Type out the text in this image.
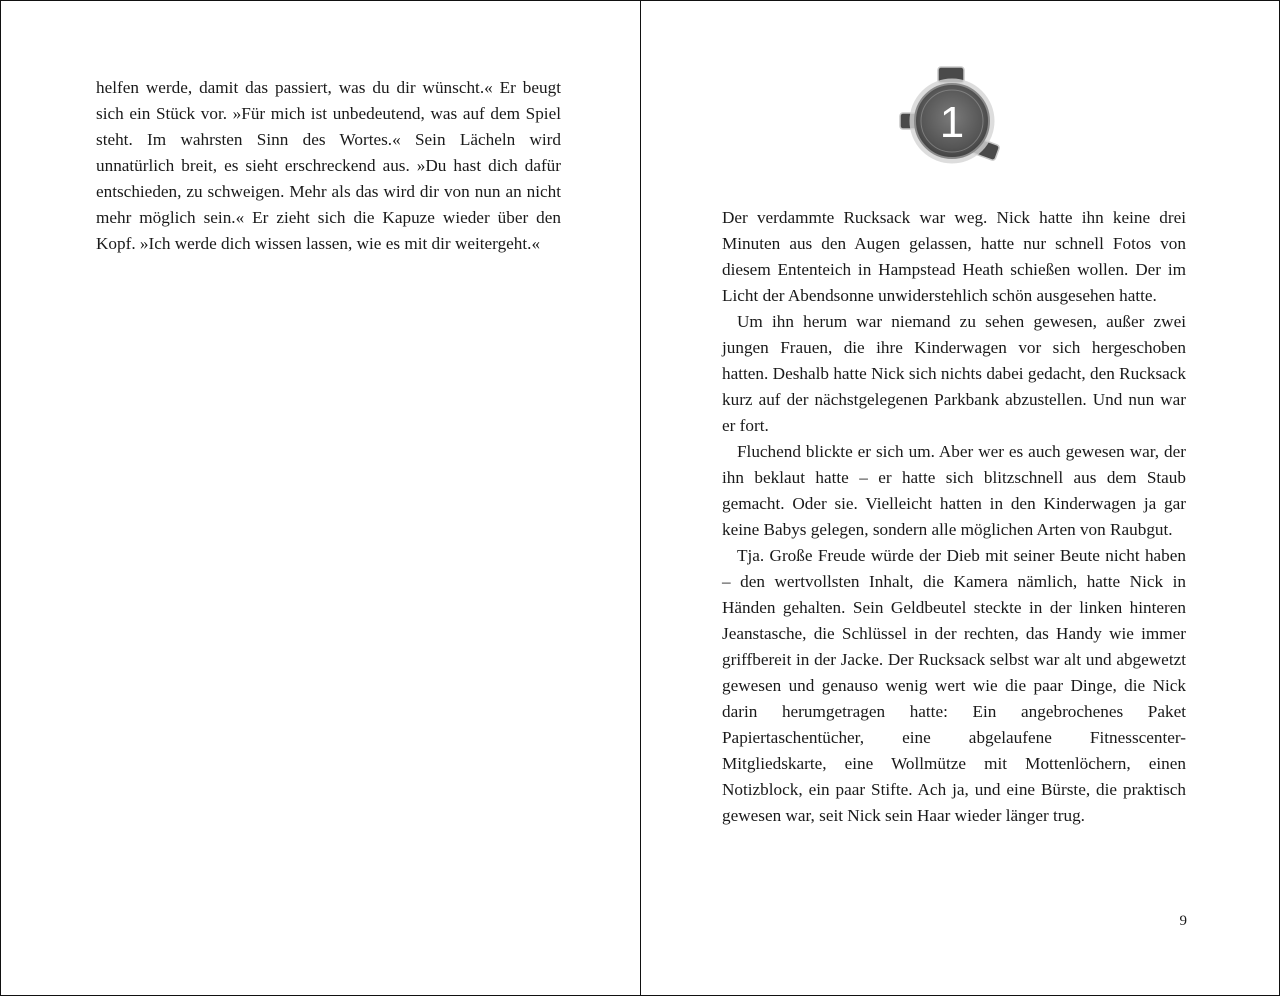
helfen werde, damit das passiert, was du dir wünscht.« Er beugt sich ein Stück vor. »Für mich ist unbedeutend, was auf dem Spiel steht. Im wahrsten Sinn des Wortes.« Sein Lächeln wird unnatürlich breit, es sieht erschreckend aus. »Du hast dich dafür entschieden, zu schweigen. Mehr als das wird dir von nun an nicht mehr möglich sein.« Er zieht sich die Kapuze wieder über den Kopf. »Ich werde dich wissen lassen, wie es mit dir weitergeht.«

1

Der verdammte Rucksack war weg. Nick hatte ihn keine drei Minuten aus den Augen gelassen, hatte nur schnell Fotos von diesem Ententeich in Hampstead Heath schießen wollen. Der im Licht der Abendsonne unwiderstehlich schön ausgesehen hatte.

Um ihn herum war niemand zu sehen gewesen, außer zwei jungen Frauen, die ihre Kinderwagen vor sich hergeschoben hatten. Deshalb hatte Nick sich nichts dabei gedacht, den Rucksack kurz auf der nächstgelegenen Parkbank abzustellen. Und nun war er fort.

Fluchend blickte er sich um. Aber wer es auch gewesen war, der ihn beklaut hatte – er hatte sich blitzschnell aus dem Staub gemacht. Oder sie. Vielleicht hatten in den Kinderwagen ja gar keine Babys gelegen, sondern alle möglichen Arten von Raubgut.

Tja. Große Freude würde der Dieb mit seiner Beute nicht haben – den wertvollsten Inhalt, die Kamera nämlich, hatte Nick in Händen gehalten. Sein Geldbeutel steckte in der linken hinteren Jeanstasche, die Schlüssel in der rechten, das Handy wie immer griffbereit in der Jacke. Der Rucksack selbst war alt und abgewetzt gewesen und genauso wenig wert wie die paar Dinge, die Nick darin herumgetragen hatte: Ein angebrochenes Paket Papiertaschentücher, eine abgelaufene Fitnesscenter-Mitgliedskarte, eine Wollmütze mit Mottenlöchern, einen Notizblock, ein paar Stifte. Ach ja, und eine Bürste, die praktisch gewesen war, seit Nick sein Haar wieder länger trug.

9
